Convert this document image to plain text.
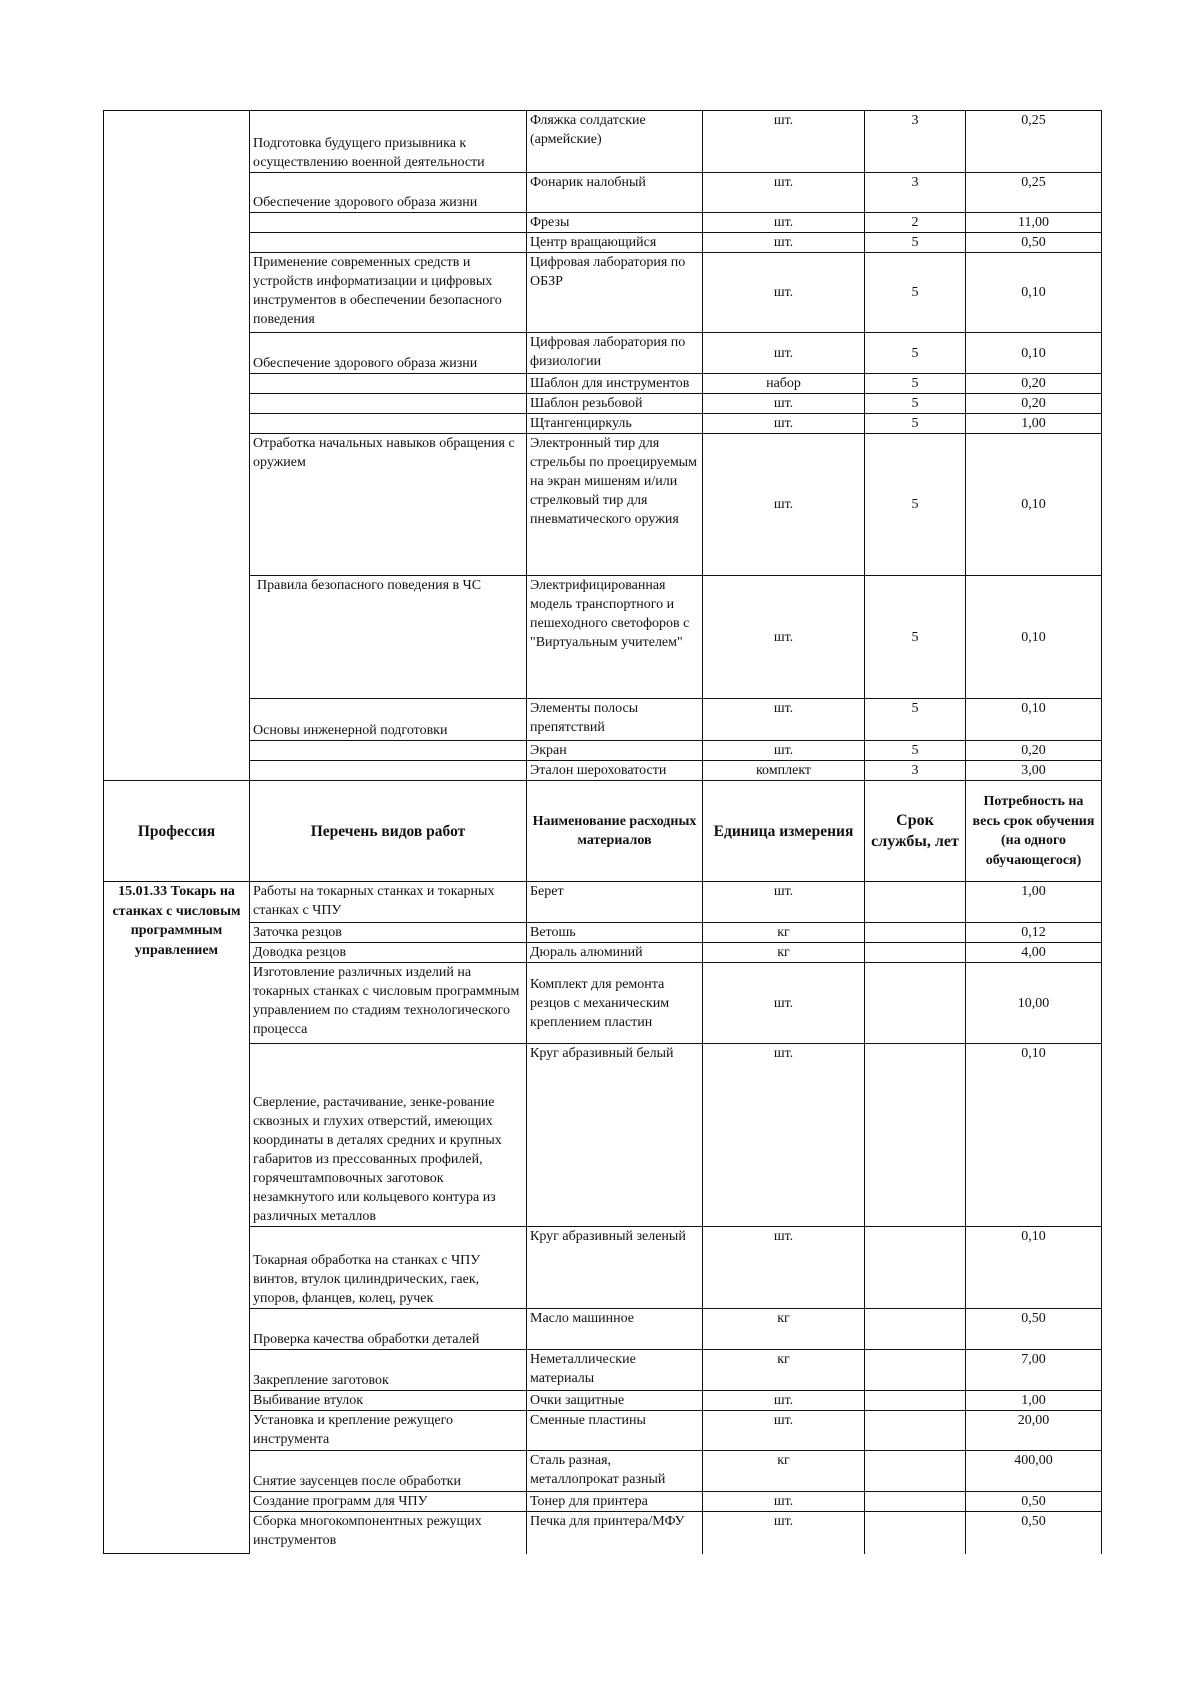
	Подготовка будущего призывника к осуществлению военной деятельности	Фляжка солдатские (армейские)	шт.	3	0,25
	Обеспечение здорового образа жизни	Фонарик налобный	шт.	3	0,25
		Фрезы	шт.	2	11,00
		Центр вращающийся	шт.	5	0,50
	Применение современных средств и устройств информатизации и цифровых инструментов в обеспечении безопасного поведения	Цифровая лаборатория по ОБЗР	шт.	5	0,10
	Обеспечение здорового образа жизни	Цифровая лаборатория по физиологии	шт.	5	0,10
		Шаблон для инструментов	набор	5	0,20
		Шаблон резьбовой	шт.	5	0,20
		Щтангенциркуль	шт.	5	1,00
	Отработка начальных навыков обращения с оружием	Электронный тир для стрельбы по проецируемым на экран мишеням и/или стрелковый тир для пневматического оружия	шт.	5	0,10
	Правила безопасного поведения в ЧС	Электрифицированная модель транспортного и пешеходного светофоров с "Виртуальным учителем"	шт.	5	0,10
	Основы инженерной подготовки	Элементы полосы препятствий	шт.	5	0,10
		Экран	шт.	5	0,20
		Эталон шероховатости	комплект	3	3,00
Профессия	Перечень видов работ	Наименование расходных материалов	Единица измерения	Срок службы, лет	Потребность на весь срок обучения (на одного обучающегося)
15.01.33 Токарь на станках с числовым программным управлением	Работы на токарных станках и токарных станках с ЧПУ	Берет	шт.		1,00
	Заточка резцов	Ветошь	кг		0,12
	Доводка резцов	Дюраль алюминий	кг		4,00
	Изготовление различных изделий на токарных станках с числовым программным управлением по стадиям технологического процесса	Комплект для ремонта резцов с механическим креплением пластин	шт.		10,00
	Сверление, растачивание, зенке-рование сквозных и глухих отверстий, имеющих координаты в деталях средних и крупных габаритов из прессованных профилей, горячештамповочных заготовок незамкнутого или кольцевого контура из различных металлов	Круг абразивный белый	шт.		0,10
	Токарная обработка на станках с ЧПУ винтов, втулок цилиндрических, гаек, упоров, фланцев, колец, ручек	Круг абразивный зеленый	шт.		0,10
	Проверка качества обработки деталей	Масло машинное	кг		0,50
	Закрепление заготовок	Неметаллические материалы	кг		7,00
	Выбивание втулок	Очки защитные	шт.		1,00
	Установка и крепление режущего инструмента	Сменные пластины	шт.		20,00
	Снятие заусенцев после обработки	Сталь разная, металлопрокат разный	кг		400,00
	Создание программ для ЧПУ	Тонер для принтера	шт.		0,50
	Сборка многокомпонентных режущих инструментов	Печка для принтера/МФУ	шт.		0,50
